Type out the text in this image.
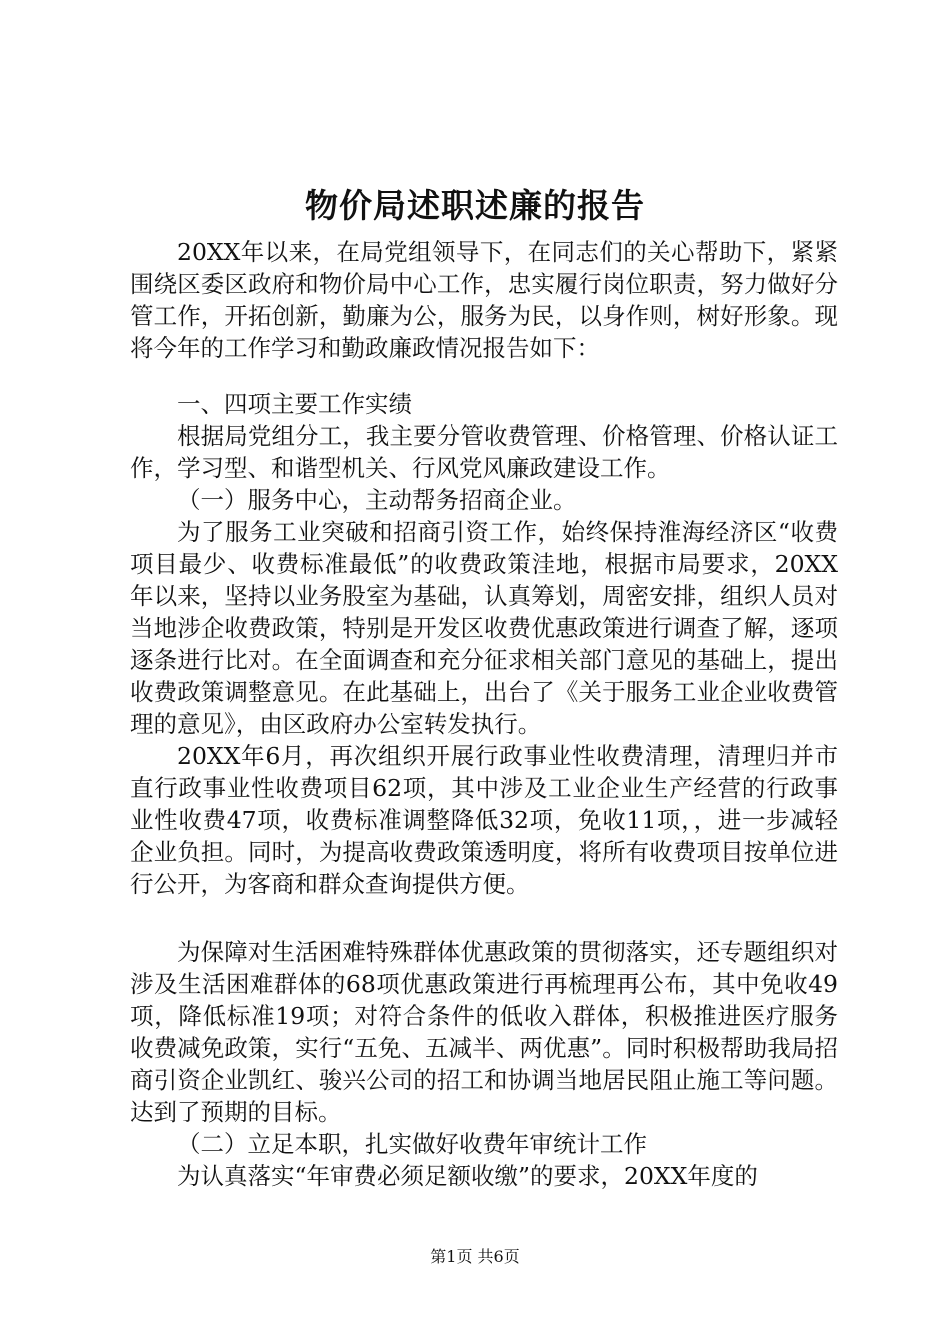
物价局述职述廉的报告

20XX年以来，在局党组领导下，在同志们的关心帮助下，紧紧围绕区委区政府和物价局中心工作，忠实履行岗位职责，努力做好分管工作，开拓创新，勤廉为公，服务为民，以身作则，树好形象。现将今年的工作学习和勤政廉政情况报告如下：

一、四项主要工作实绩

根据局党组分工，我主要分管收费管理、价格管理、价格认证工作，学习型、和谐型机关、行风党风廉政建设工作。

（一）服务中心，主动帮务招商企业。

为了服务工业突破和招商引资工作，始终保持淮海经济区“收费项目最少、收费标准最低”的收费政策洼地，根据市局要求，20XX年以来，坚持以业务股室为基础，认真筹划，周密安排，组织人员对当地涉企收费政策，特别是开发区收费优惠政策进行调查了解，逐项逐条进行比对。在全面调查和充分征求相关部门意见的基础上，提出收费政策调整意见。在此基础上，出台了《关于服务工业企业收费管理的意见》，由区政府办公室转发执行。

20XX年6月，再次组织开展行政事业性收费清理，清理归并市直行政事业性收费项目62项，其中涉及工业企业生产经营的行政事业性收费47项，收费标准调整降低32项，免收11项，，进一步减轻企业负担。同时，为提高收费政策透明度，将所有收费项目按单位进行公开，为客商和群众查询提供方便。

为保障对生活困难特殊群体优惠政策的贯彻落实，还专题组织对涉及生活困难群体的68项优惠政策进行再梳理再公布，其中免收49项，降低标准19项；对符合条件的低收入群体，积极推进医疗服务收费减免政策，实行“五免、五减半、两优惠”。同时积极帮助我局招商引资企业凯红、骏兴公司的招工和协调当地居民阻止施工等问题。达到了预期的目标。

（二）立足本职，扎实做好收费年审统计工作

为认真落实“年审费必须足额收缴”的要求，20XX年度的

第1页 共6页
